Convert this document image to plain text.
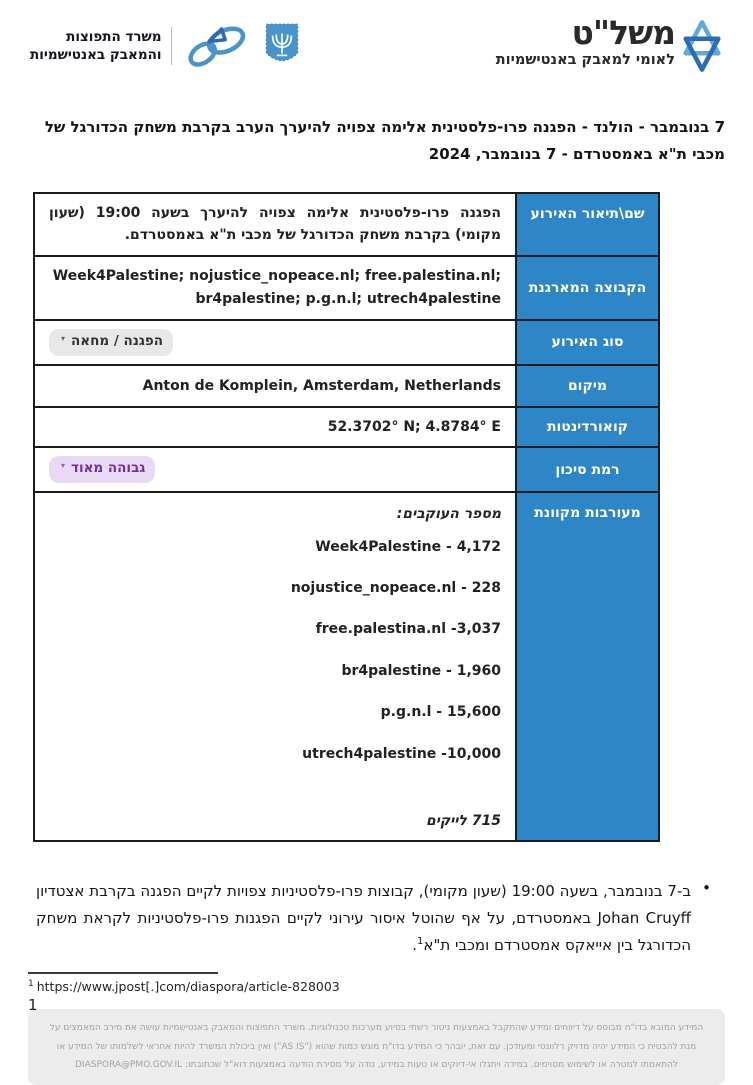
משרד התפוצות
והמאבק באנטישמיות
משל"ט
לאומי למאבק באנטישמיות
7 בנובמבר - הולנד - הפגנה פרו-פלסטינית אלימה צפויה להיערך הערב בקרבת משחק הכדורגל של
מכבי ת"א באמסטרדם - 7 בנובמבר, 2024
שם\תיאור האירוע
הפגנה פרו-פלסטינית אלימה צפויה להיערך בשעה 19:00 (שעון מקומי) בקרבת משחק הכדורגל של מכבי ת"א באמסטרדם.
הקבוצה המארגנת
Week4Palestine; nojustice_nopeace.nl; free.palestina.nl; br4palestine; p.g.n.l; utrech4palestine
סוג האירוע
הפגנה / מחאה▾
מיקום
Anton de Komplein, Amsterdam, Netherlands
קואורדינטות
52.3702° N; 4.8784° E
רמת סיכון
גבוהה מאוד▾
מעורבות מקוונת
מספר העוקבים:
Week4Palestine - 4,172
nojustice_nopeace.nl - 228
free.palestina.nl -3,037
br4palestine - 1,960
p.g.n.l - 15,600
utrech4palestine -10,000
715 לייקים
•
ב-7 בנובמבר, בשעה 19:00 (שעון מקומי), קבוצות פרו-פלסטיניות צפויות לקיים הפגנה בקרבת אצטדיון Johan Cruyff באמסטרדם, על אף שהוטל איסור עירוני לקיים הפגנות פרו-פלסטיניות לקראת משחק הכדורגל בין אייאקס אמסטרדם ומכבי ת"א$^1$.
$^1$ https://www.jpost[.]com/diaspora/article-828003
המידע המובא בדו"ח מבוסס על דיווחים ומידע שהתקבל באמצעות ניטור רשתי בסיוע מערכות טכנולוגיות. משרד התפוצות והמאבק באנטישמיות עושה את מירב המאמצים על מנת להבטיח כי המידע יהיה מדויק רלוונטי ומעודכן. עם זאת, יובהר כי המידע בדו"ח מוגש כמות שהוא ("AS IS") ואין ביכולת המשרד להיות אחראי לשלמותו של המידע או להתאמתו למטרה או לשימוש מסוימים. במידה ויתגלו אי-דיוקים או טעות במידע, נודה על מסירת הודעה באמצעות דוא"ל שכתובתו: DIASPORA@PMO.GOV.IL
1
